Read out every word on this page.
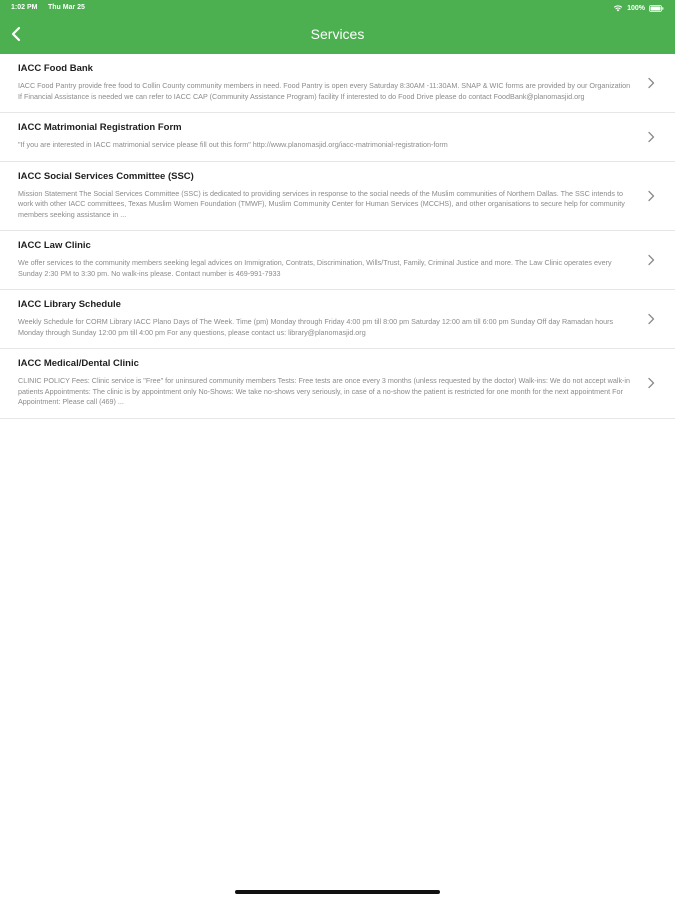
1:02 PM Thu Mar 25	100%
Services
IACC Food Bank
IACC Food Pantry provide free food to Collin County community members in need. Food Pantry is open every Saturday 8:30AM -11:30AM. SNAP & WIC forms are provided by our Organization If Financial Assistance is needed we can refer to IACC CAP (Community Assistance Program) facility If interested to do Food Drive please do contact FoodBank@planomasjid.org
IACC Matrimonial Registration Form
"If you are interested in IACC matrimonial service please fill out this form" http://www.planomasjid.org/iacc-matrimonial-registration-form
IACC Social Services Committee (SSC)
Mission Statement The Social Services Committee (SSC) is dedicated to providing services in response to the social needs of the Muslim communities of Northern Dallas. The SSC intends to work with other IACC committees, Texas Muslim Women Foundation (TMWF), Muslim Community Center for Human Services (MCCHS), and other organisations to secure help for community members seeking assistance in ...
IACC Law Clinic
We offer services to the community members seeking legal advices on Immigration, Contrats, Discrimination, Wills/Trust, Family, Criminal Justice and more. The Law Clinic operates every Sunday 2:30 PM to 3:30 pm. No walk-ins please. Contact number is 469-991-7933
IACC Library Schedule
Weekly Schedule for CORM Library IACC Plano Days of The Week. Time (pm) Monday through Friday 4:00 pm till 8:00 pm Saturday 12:00 am till 6:00 pm Sunday Off day Ramadan hours Monday through Sunday 12:00 pm till 4:00 pm For any questions, please contact us: library@planomasjid.org
IACC Medical/Dental Clinic
CLINIC POLICY Fees: Clinic service is "Free" for uninsured community members Tests: Free tests are once every 3 months (unless requested by the doctor) Walk-ins: We do not accept walk-in patients Appointments: The clinic is by appointment only No-Shows: We take no-shows very seriously, in case of a no-show the patient is restricted for one month for the next appointment For Appointment: Please call (469) ...
